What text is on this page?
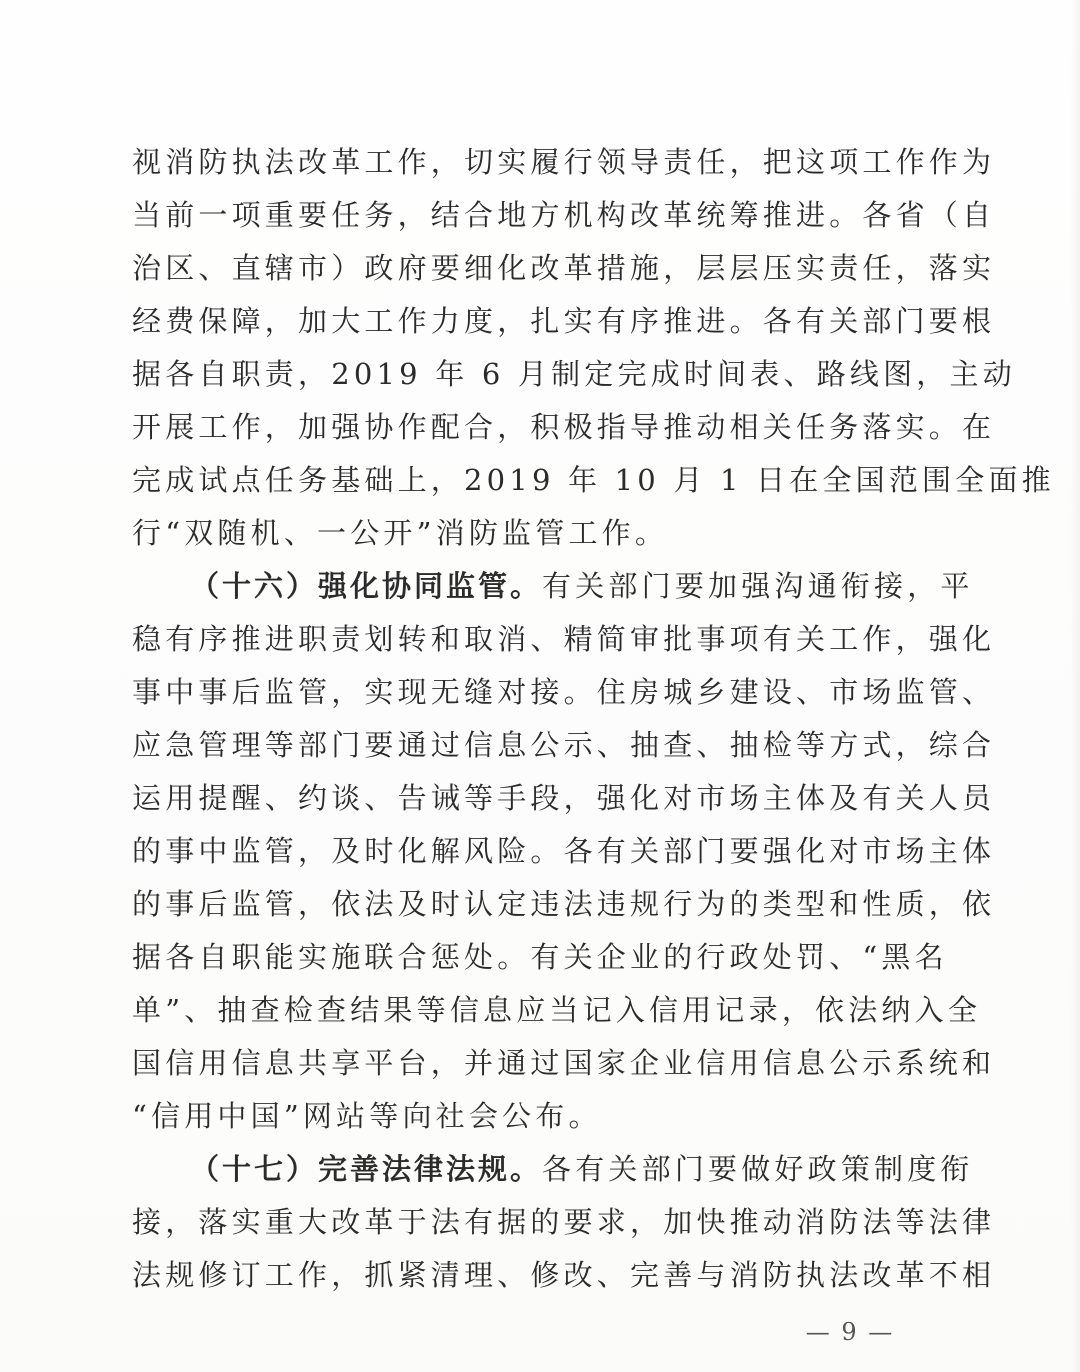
视消防执法改革工作，切实履行领导责任，把这项工作作为
当前一项重要任务，结合地方机构改革统筹推进。各省（自
治区、直辖市）政府要细化改革措施，层层压实责任，落实
经费保障，加大工作力度，扎实有序推进。各有关部门要根
据各自职责，2019 年 6 月制定完成时间表、路线图，主动
开展工作，加强协作配合，积极指导推动相关任务落实。在
完成试点任务基础上，2019 年 10 月 1 日在全国范围全面推
行“双随机、一公开”消防监管工作。
（十六）强化协同监管。有关部门要加强沟通衔接，平
稳有序推进职责划转和取消、精简审批事项有关工作，强化
事中事后监管，实现无缝对接。住房城乡建设、市场监管、
应急管理等部门要通过信息公示、抽查、抽检等方式，综合
运用提醒、约谈、告诫等手段，强化对市场主体及有关人员
的事中监管，及时化解风险。各有关部门要强化对市场主体
的事后监管，依法及时认定违法违规行为的类型和性质，依
据各自职能实施联合惩处。有关企业的行政处罚、“黑名
单”、抽查检查结果等信息应当记入信用记录，依法纳入全
国信用信息共享平台，并通过国家企业信用信息公示系统和
“信用中国”网站等向社会公布。
（十七）完善法律法规。各有关部门要做好政策制度衔
接，落实重大改革于法有据的要求，加快推动消防法等法律
法规修订工作，抓紧清理、修改、完善与消防执法改革不相
— 9 —
